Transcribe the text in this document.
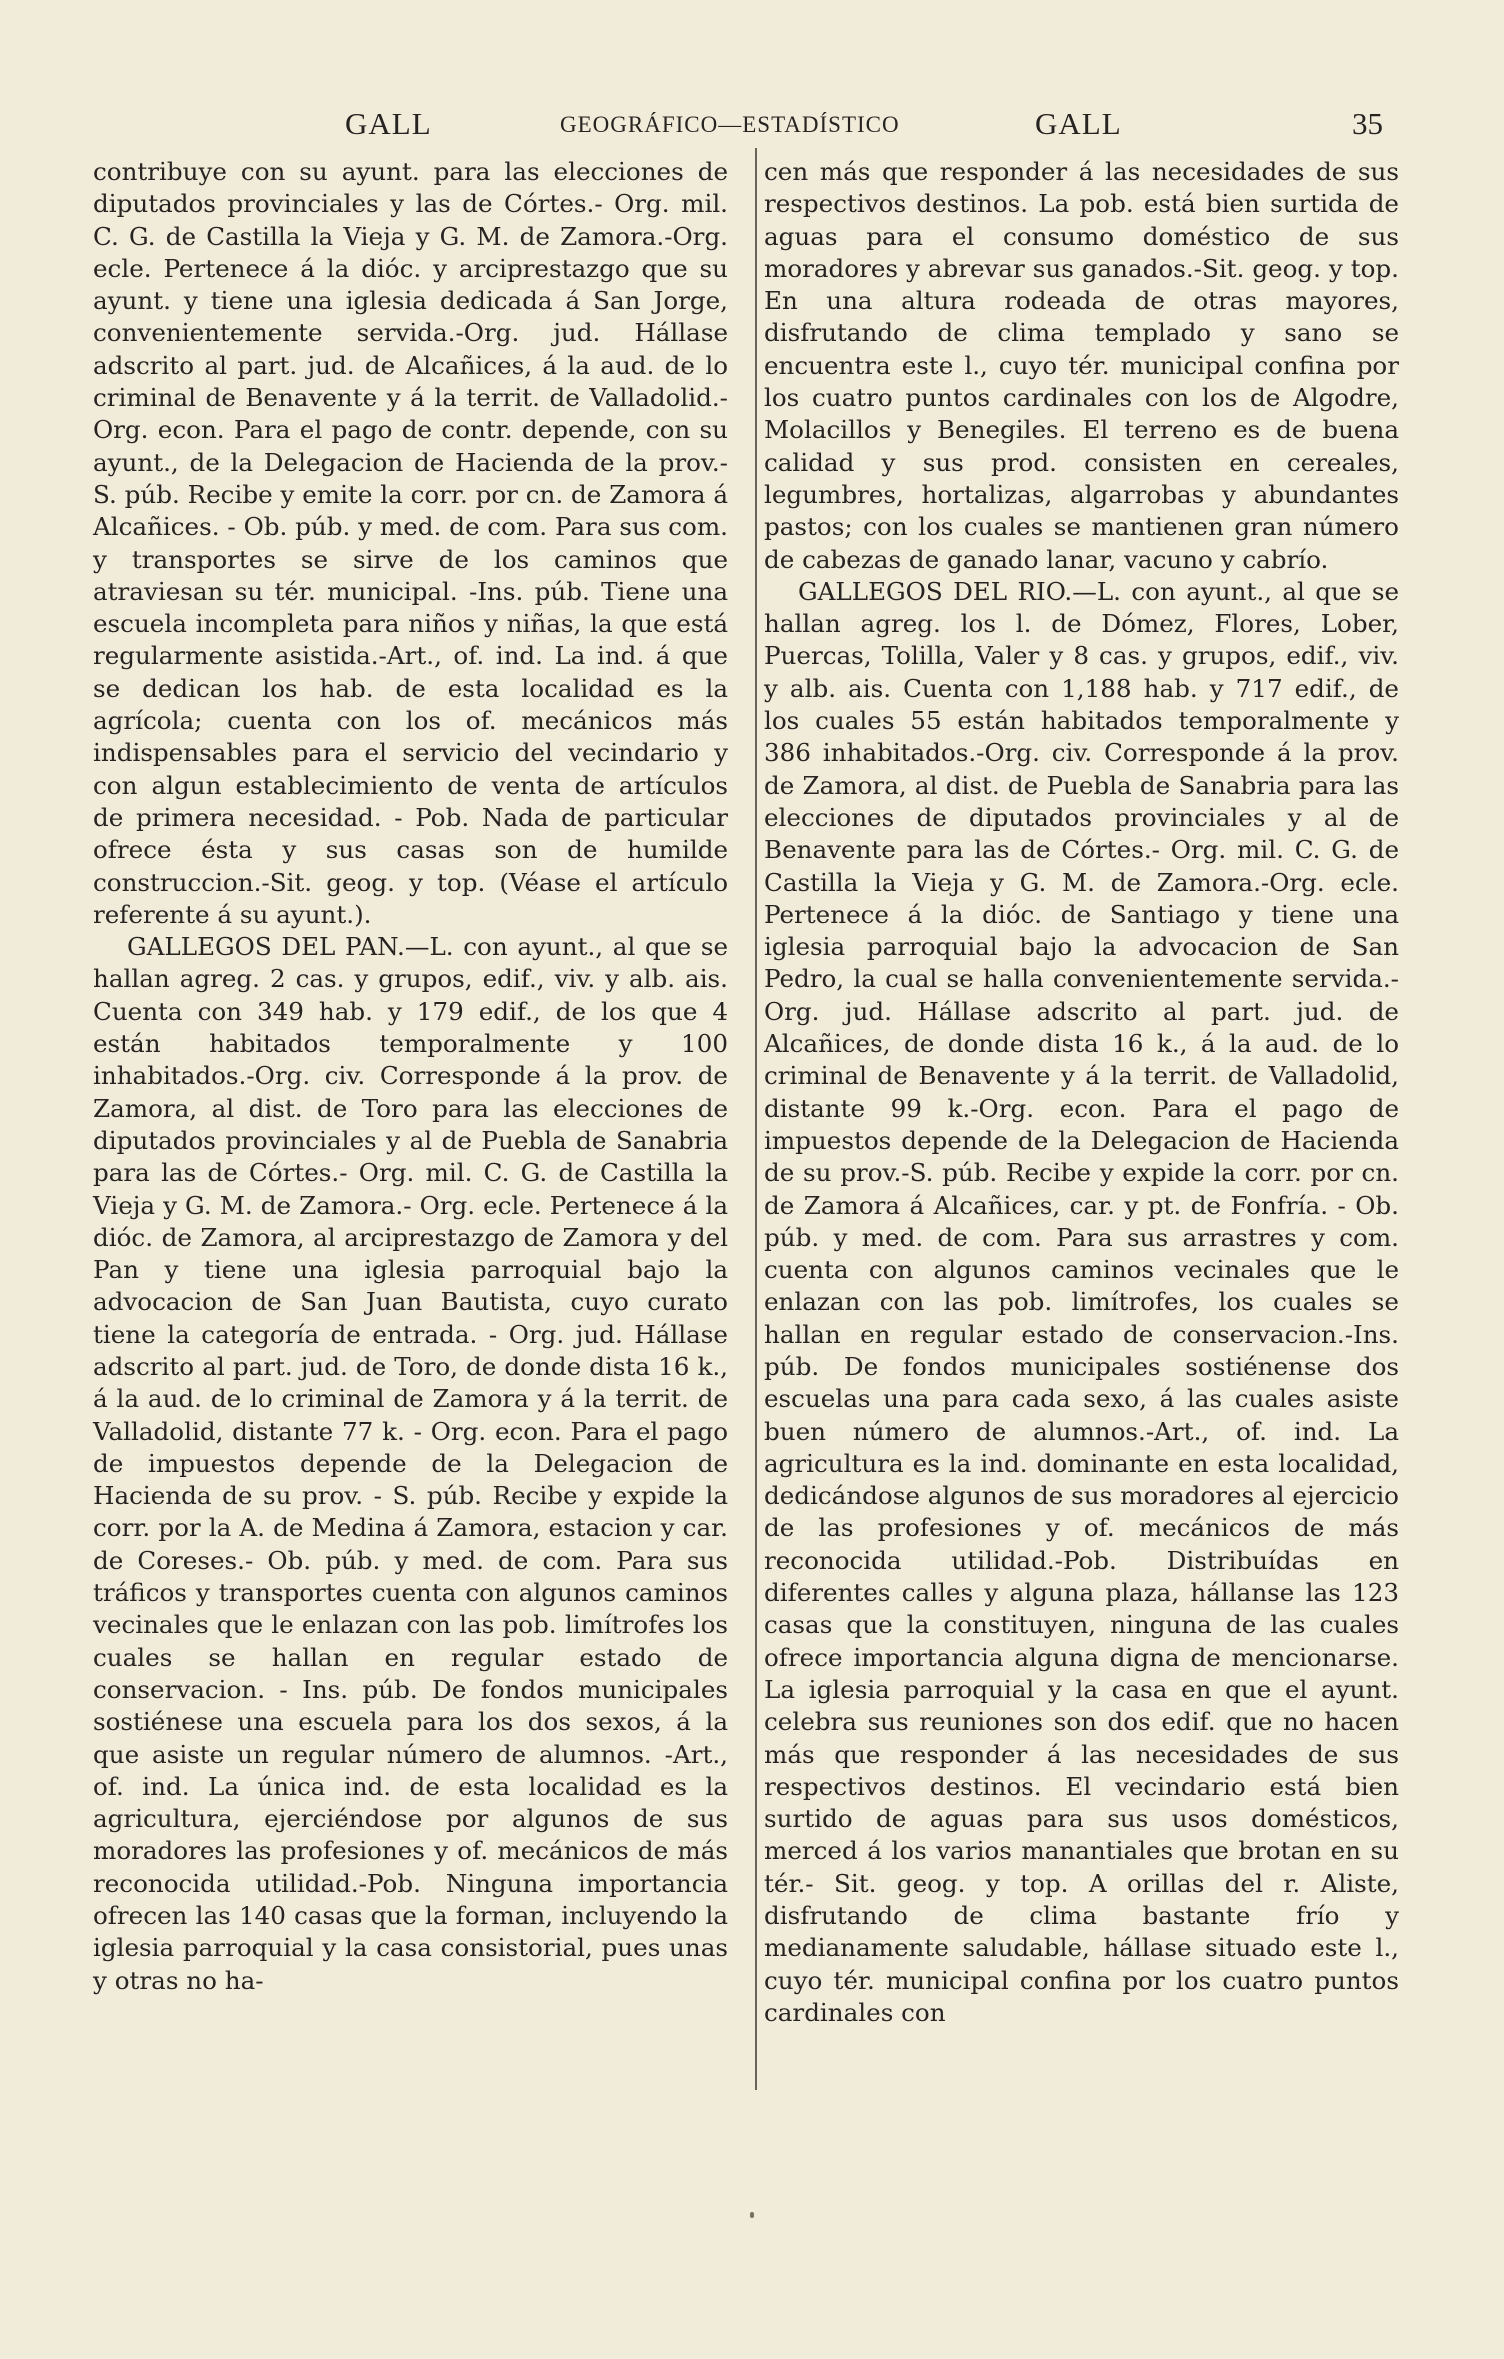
GALL	GEOGRÁFICO—ESTADÍSTICO	GALL	35

contribuye con su ayunt. para las elecciones de diputados provinciales y las de Córtes.- Org. mil. C. G. de Castilla la Vieja y G. M. de Zamora.-Org. ecle. Pertenece á la dióc. y arciprestazgo que su ayunt. y tiene una iglesia dedicada á San Jorge, convenientemente servida.-Org. jud. Hállase adscrito al part. jud. de Alcañices, á la aud. de lo criminal de Benavente y á la territ. de Valladolid.-Org. econ. Para el pago de contr. depende, con su ayunt., de la Delegacion de Hacienda de la prov.-S. púb. Recibe y emite la corr. por cn. de Zamora á Alcañices. - Ob. púb. y med. de com. Para sus com. y transportes se sirve de los caminos que atraviesan su tér. municipal. -Ins. púb. Tiene una escuela incompleta para niños y niñas, la que está regularmente asistida.-Art., of. ind. La ind. á que se dedican los hab. de esta localidad es la agrícola; cuenta con los of. mecánicos más indispensables para el servicio del vecindario y con algun establecimiento de venta de artículos de primera necesidad. - Pob. Nada de particular ofrece ésta y sus casas son de humilde construccion.-Sit. geog. y top. (Véase el artículo referente á su ayunt.).

GALLEGOS DEL PAN.—L. con ayunt., al que se hallan agreg. 2 cas. y grupos, edif., viv. y alb. ais. Cuenta con 349 hab. y 179 edif., de los que 4 están habitados temporalmente y 100 inhabitados.-Org. civ. Corresponde á la prov. de Zamora, al dist. de Toro para las elecciones de diputados provinciales y al de Puebla de Sanabria para las de Córtes.- Org. mil. C. G. de Castilla la Vieja y G. M. de Zamora.- Org. ecle. Pertenece á la dióc. de Zamora, al arciprestazgo de Zamora y del Pan y tiene una iglesia parroquial bajo la advocacion de San Juan Bautista, cuyo curato tiene la categoría de entrada. - Org. jud. Hállase adscrito al part. jud. de Toro, de donde dista 16 k., á la aud. de lo criminal de Zamora y á la territ. de Valladolid, distante 77 k. - Org. econ. Para el pago de impuestos depende de la Delegacion de Hacienda de su prov. - S. púb. Recibe y expide la corr. por la A. de Medina á Zamora, estacion y car. de Coreses.- Ob. púb. y med. de com. Para sus tráficos y transportes cuenta con algunos caminos vecinales que le enlazan con las pob. limítrofes los cuales se hallan en regular estado de conservacion. - Ins. púb. De fondos municipales sostiénese una escuela para los dos sexos, á la que asiste un regular número de alumnos. -Art., of. ind. La única ind. de esta localidad es la agricultura, ejerciéndose por algunos de sus moradores las profesiones y of. mecánicos de más reconocida utilidad.-Pob. Ninguna importancia ofrecen las 140 casas que la forman, incluyendo la iglesia parroquial y la casa consistorial, pues unas y otras no ha-

cen más que responder á las necesidades de sus respectivos destinos. La pob. está bien surtida de aguas para el consumo doméstico de sus moradores y abrevar sus ganados.-Sit. geog. y top. En una altura rodeada de otras mayores, disfrutando de clima templado y sano se encuentra este l., cuyo tér. municipal confina por los cuatro puntos cardinales con los de Algodre, Molacillos y Benegiles. El terreno es de buena calidad y sus prod. consisten en cereales, legumbres, hortalizas, algarrobas y abundantes pastos; con los cuales se mantienen gran número de cabezas de ganado lanar, vacuno y cabrío.

GALLEGOS DEL RIO.—L. con ayunt., al que se hallan agreg. los l. de Dómez, Flores, Lober, Puercas, Tolilla, Valer y 8 cas. y grupos, edif., viv. y alb. ais. Cuenta con 1,188 hab. y 717 edif., de los cuales 55 están habitados temporalmente y 386 inhabitados.-Org. civ. Corresponde á la prov. de Zamora, al dist. de Puebla de Sanabria para las elecciones de diputados provinciales y al de Benavente para las de Córtes.- Org. mil. C. G. de Castilla la Vieja y G. M. de Zamora.-Org. ecle. Pertenece á la dióc. de Santiago y tiene una iglesia parroquial bajo la advocacion de San Pedro, la cual se halla convenientemente servida.-Org. jud. Hállase adscrito al part. jud. de Alcañices, de donde dista 16 k., á la aud. de lo criminal de Benavente y á la territ. de Valladolid, distante 99 k.-Org. econ. Para el pago de impuestos depende de la Delegacion de Hacienda de su prov.-S. púb. Recibe y expide la corr. por cn. de Zamora á Alcañices, car. y pt. de Fonfría. - Ob. púb. y med. de com. Para sus arrastres y com. cuenta con algunos caminos vecinales que le enlazan con las pob. limítrofes, los cuales se hallan en regular estado de conservacion.-Ins. púb. De fondos municipales sostiénense dos escuelas una para cada sexo, á las cuales asiste buen número de alumnos.-Art., of. ind. La agricultura es la ind. dominante en esta localidad, dedicándose algunos de sus moradores al ejercicio de las profesiones y of. mecánicos de más reconocida utilidad.-Pob. Distribuídas en diferentes calles y alguna plaza, hállanse las 123 casas que la constituyen, ninguna de las cuales ofrece importancia alguna digna de mencionarse. La iglesia parroquial y la casa en que el ayunt. celebra sus reuniones son dos edif. que no hacen más que responder á las necesidades de sus respectivos destinos. El vecindario está bien surtido de aguas para sus usos domésticos, merced á los varios manantiales que brotan en su tér.- Sit. geog. y top. A orillas del r. Aliste, disfrutando de clima bastante frío y medianamente saludable, hállase situado este l., cuyo tér. municipal confina por los cuatro puntos cardinales con
